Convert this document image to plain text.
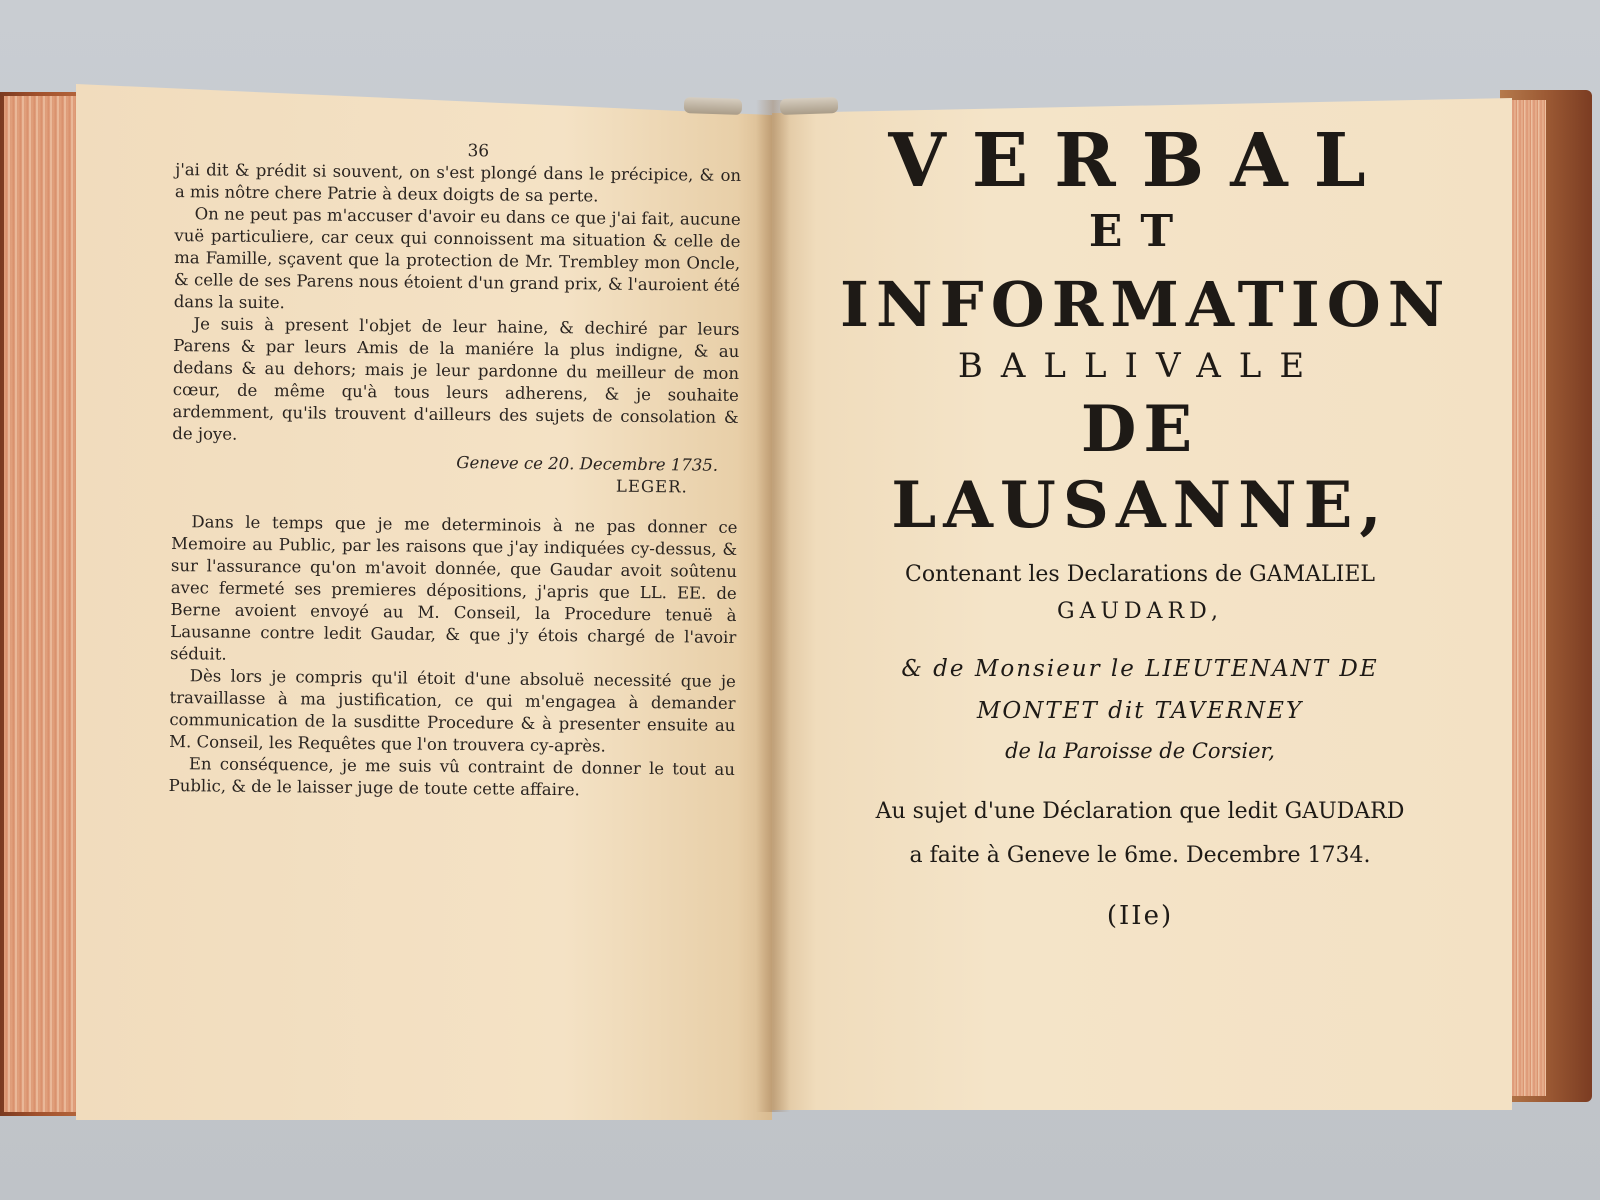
36

j'ai dit & prédit si souvent, on s'est plongé dans le précipice, & on a mis nôtre chere Patrie à deux doigts de sa perte.

On ne peut pas m'accuser d'avoir eu dans ce que j'ai fait, aucune vuë particuliere, car ceux qui connoissent ma situation & celle de ma Famille, sçavent que la protection de Mr. Trembley mon Oncle, & celle de ses Parens nous étoient d'un grand prix, & l'auroient été dans la suite.

Je suis à present l'objet de leur haine, & dechiré par leurs Parens & par leurs Amis de la maniére la plus indigne, & au dedans & au dehors; mais je leur pardonne du meilleur de mon cœur, de même qu'à tous leurs adherens, & je souhaite ardemment, qu'ils trouvent d'ailleurs des sujets de consolation & de joye.

Geneve ce 20. Decembre 1735.
LEGER.

Dans le temps que je me determinois à ne pas donner ce Memoire au Public, par les raisons que j'ay indiquées cy-dessus, & sur l'assurance qu'on m'avoit donnée, que Gaudar avoit soûtenu avec fermeté ses premieres dépositions, j'apris que LL. EE. de Berne avoient envoyé au M. Conseil, la Procedure tenuë à Lausanne contre ledit Gaudar, & que j'y étois chargé de l'avoir séduit.

Dès lors je compris qu'il étoit d'une absoluë necessité que je travaillasse à ma justification, ce qui m'engagea à demander communication de la susditte Procedure & à presenter ensuite au M. Conseil, les Requêtes que l'on trouvera cy-après.

En conséquence, je me suis vû contraint de donner le tout au Public, & de le laisser juge de toute cette affaire.

VERBAL
ET
INFORMATION
BALLIVALE
DE LAUSANNE,
Contenant les Declarations de GAMALIEL
GAUDARD,
& de Monsieur le LIEUTENANT DE
MONTET dit TAVERNEY
de la Paroisse de Corsier,
Au sujet d'une Déclaration que ledit GAUDARD
a faite à Geneve le 6me. Decembre 1734.
(IIe)
